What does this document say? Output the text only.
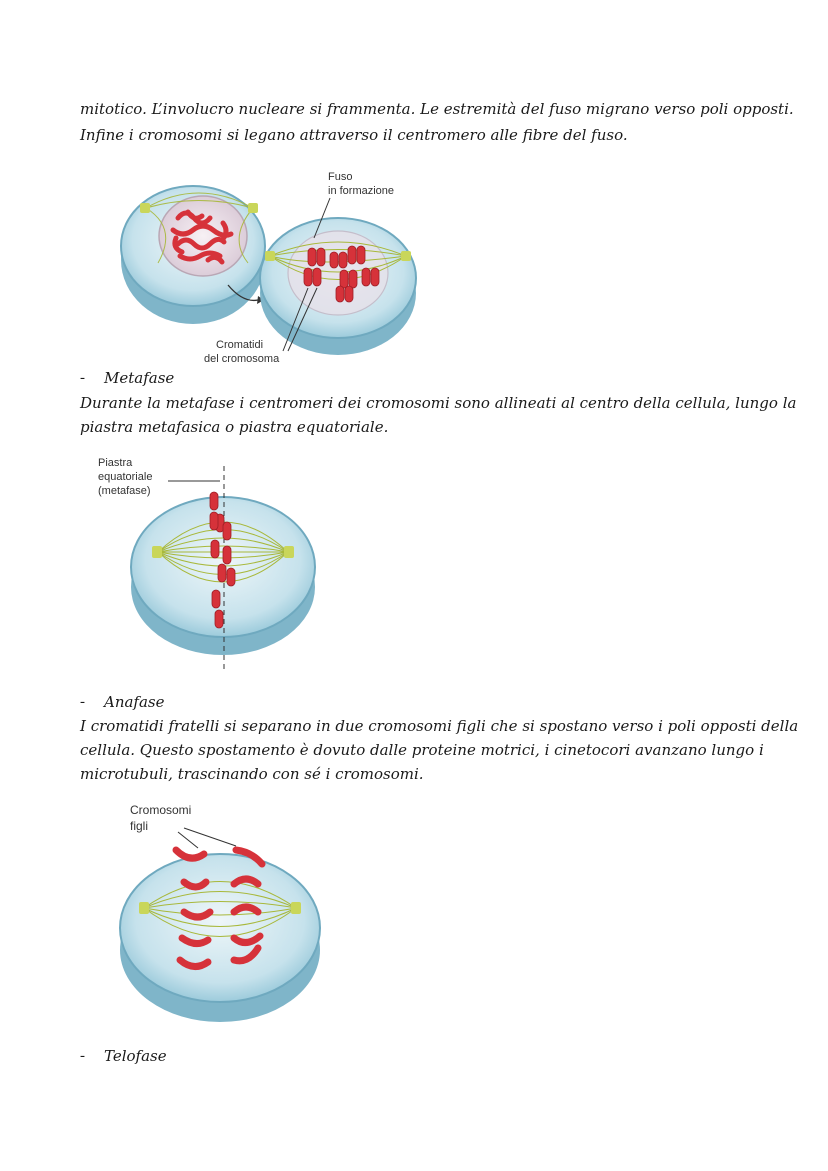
mitotico. L’involucro nucleare si frammenta. Le estremità del fuso migrano verso poli opposti.
Infine i cromosomi si legano attraverso il centromero alle fibre del fuso.
Fuso
in formazione
Cromatidi
del cromosoma
- Metafase
Durante la metafase i centromeri dei cromosomi sono allineati al centro della cellula, lungo la
piastra metafasica o piastra equatoriale.
Piastra
equatoriale
(metafase)
- Anafase
I cromatidi fratelli si separano in due cromosomi figli che si spostano verso i poli opposti della
cellula. Questo spostamento è dovuto dalle proteine motrici, i cinetocori avanzano lungo i
microtubuli, trascinando con sé i cromosomi.
Cromosomi
figli
- Telofase
